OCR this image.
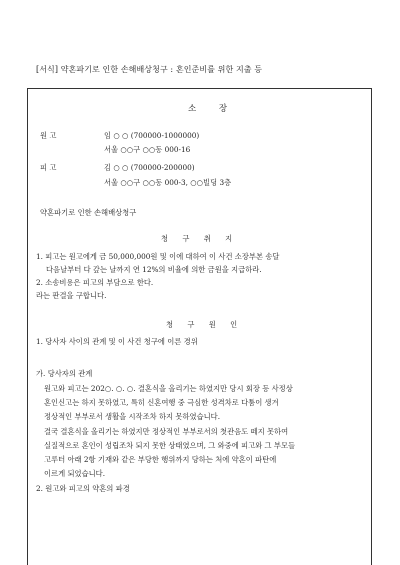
[서식] 약혼파기로 인한 손해배상청구 : 혼인준비를 위한 지출 등
소 장
원 고	임 ○ ○ (700000-1000000)
서울 ○○구 ○○동 000-16
피 고	김 ○ ○ (700000-200000)
서울 ○○구 ○○동 000-3, ○○빌딩 3층
약혼파기로 인한 손해배상청구
청 구 취 지
1. 피고는 원고에게 금 50,000,000원 및 이에 대하여 이 사건 소장부본 송달
다음날부터 다 갚는 날까지 연 12%의 비율에 의한 금원을 지급하라.
2. 소송비용은 피고의 부담으로 한다.
라는 판결을 구합니다.
청 구 원 인
1. 당사자 사이의 관계 및 이 사건 청구에 이른 경위
가. 당사자의 관계
원고와 피고는 202○. ○. ○. 결혼식을 올리기는 하였지만 당시 회장 등 사정상
혼인신고는 하지 못하였고, 특히 신혼여행 중 극심한 성격차로 다툼이 생겨
정상적인 부부로서 생활을 시작조차 하지 못하였습니다.
결국 결혼식을 올리기는 하였지만 정상적인 부부로서의 첫관음도 떼지 못하여
실질적으로 혼인이 성립조차 되지 못한 상태였으며, 그 와중에 피고와 그 부모들
고루터 아래 2항 기재와 같은 부당한 행위까지 당하는 처에 약혼이 파탄에
이르게 되었습니다.
2. 원고와 피고의 약혼의 파경
